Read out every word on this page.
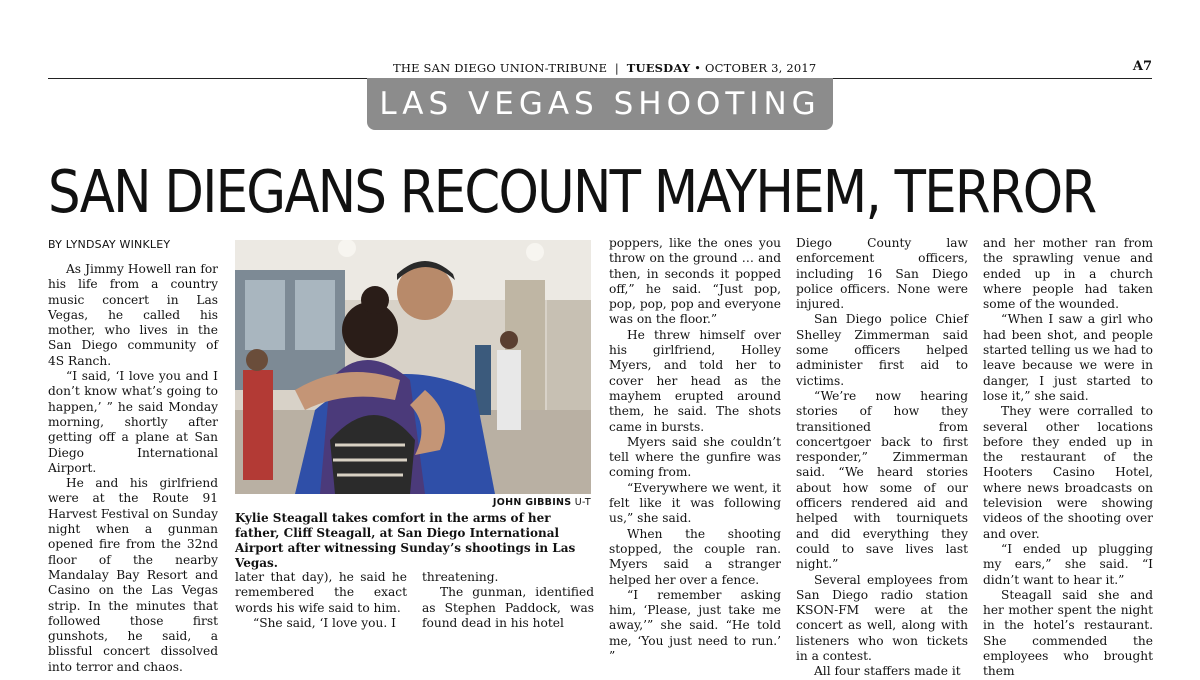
THE SAN DIEGO UNION-TRIBUNE  |  TUESDAY • OCTOBER 3, 2017	A7
LAS VEGAS SHOOTING
SAN DIEGANS RECOUNT MAYHEM, TERROR
BY LYNDSAY WINKLEY

As Jimmy Howell ran for his life from a country music concert in Las Vegas, he called his mother, who lives in the San Diego community of 4S Ranch.

“I said, ‘I love you and I don’t know what’s going to happen,’ ” he said Monday morning, shortly after getting off a plane at San Diego International Airport.

He and his girlfriend were at the Route 91 Harvest Festival on Sunday night when a gunman opened fire from the 32nd floor of the nearby Mandalay Bay Resort and Casino on the Las Vegas strip. In the minutes that followed those first gunshots, he said, a blissful concert dissolved into terror and chaos.

JOHN GIBBINS U-T
Kylie Steagall takes comfort in the arms of her father, Cliff Steagall, at San Diego International Airport after witnessing Sunday’s shootings in Las Vegas.

later that day), he said he remembered the exact words his wife said to him.

“She said, ‘I love you. I

threatening.

The gunman, identified as Stephen Paddock, was found dead in his hotel

poppers, like the ones you throw on the ground … and then, in seconds it popped off,” he said. “Just pop, pop, pop, pop and everyone was on the floor.”

He threw himself over his girlfriend, Holley Myers, and told her to cover her head as the mayhem erupted around them, he said. The shots came in bursts.

Myers said she couldn’t tell where the gunfire was coming from.

“Everywhere we went, it felt like it was following us,” she said.

When the shooting stopped, the couple ran. Myers said a stranger helped her over a fence.

“I remember asking him, ‘Please, just take me away,’” she said. “He told me, ‘You just need to run.’ ”

Diego County law enforcement officers, including 16 San Diego police officers. None were injured.

San Diego police Chief Shelley Zimmerman said some officers helped administer first aid to victims.

“We’re now hearing stories of how they transitioned from concertgoer back to first responder,” Zimmerman said. “We heard stories about how some of our officers rendered aid and helped with tourniquets and did everything they could to save lives last night.”

Several employees from San Diego radio station KSON-FM were at the concert as well, along with listeners who won tickets in a contest.

All four staffers made it

and her mother ran from the sprawling venue and ended up in a church where people had taken some of the wounded.

“When I saw a girl who had been shot, and people started telling us we had to leave because we were in danger, I just started to lose it,” she said.

They were corralled to several other locations before they ended up in the restaurant of the Hooters Casino Hotel, where news broadcasts on television were showing videos of the shooting over and over.

“I ended up plugging my ears,” she said. “I didn’t want to hear it.”

Steagall said she and her mother spent the night in the hotel’s restaurant. She commended the employees who brought them
